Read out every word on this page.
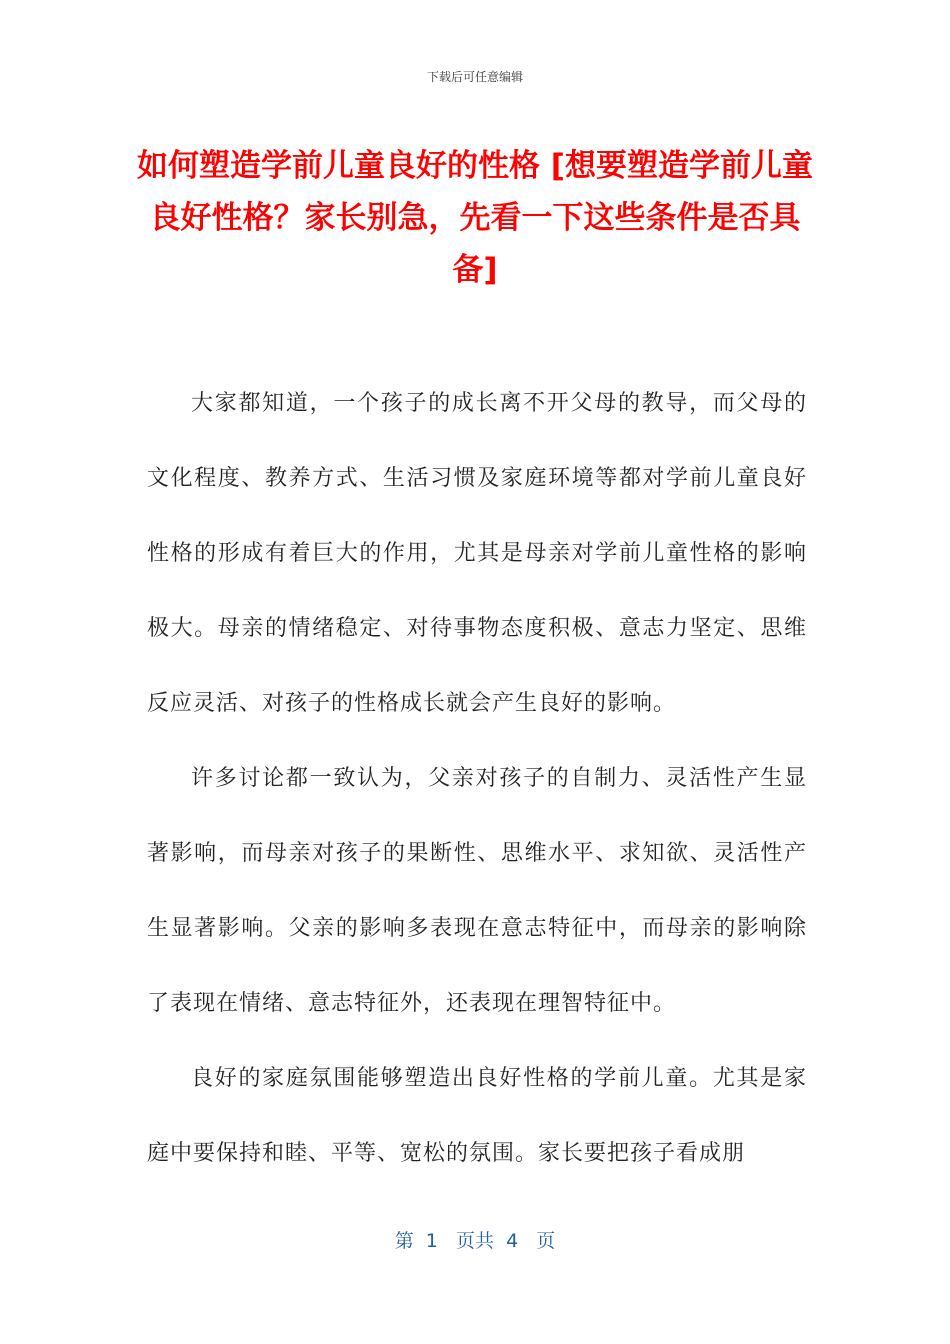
下载后可任意编辑
如何塑造学前儿童良好的性格 [想要塑造学前儿童良好性格？家长别急，先看一下这些条件是否具备]

大家都知道，一个孩子的成长离不开父母的教导，而父母的文化程度、教养方式、生活习惯及家庭环境等都对学前儿童良好性格的形成有着巨大的作用，尤其是母亲对学前儿童性格的影响极大。母亲的情绪稳定、对待事物态度积极、意志力坚定、思维反应灵活、对孩子的性格成长就会产生良好的影响。

许多讨论都一致认为，父亲对孩子的自制力、灵活性产生显著影响，而母亲对孩子的果断性、思维水平、求知欲、灵活性产生显著影响。父亲的影响多表现在意志特征中，而母亲的影响除了表现在情绪、意志特征外，还表现在理智特征中。

良好的家庭氛围能够塑造出良好性格的学前儿童。尤其是家庭中要保持和睦、平等、宽松的氛围。家长要把孩子看成朋

第  1   页共  4   页
